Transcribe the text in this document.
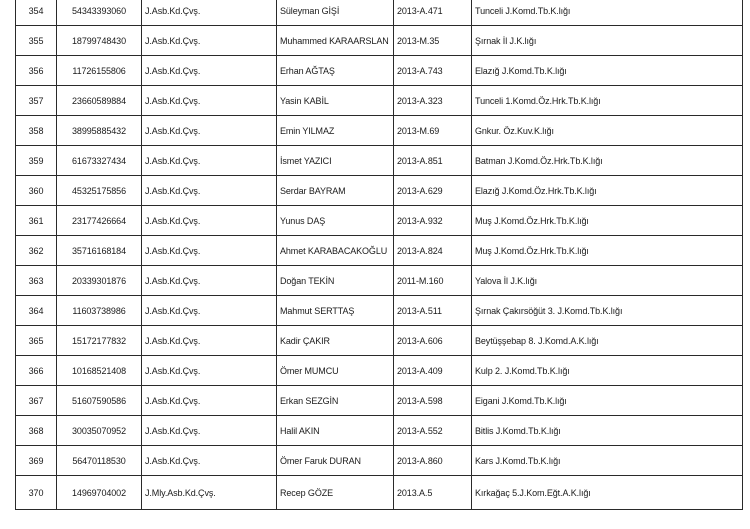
354	54343393060	J.Asb.Kd.Çvş.	Süleyman GİŞİ	2013-A.471	Tunceli J.Komd.Tb.K.lığı
355	18799748430	J.Asb.Kd.Çvş.	Muhammed KARAARSLAN	2013-M.35	Şırnak İl J.K.lığı
356	11726155806	J.Asb.Kd.Çvş.	Erhan AĞTAŞ	2013-A.743	Elazığ J.Komd.Tb.K.lığı
357	23660589884	J.Asb.Kd.Çvş.	Yasin KABİL	2013-A.323	Tunceli 1.Komd.Öz.Hrk.Tb.K.lığı
358	38995885432	J.Asb.Kd.Çvş.	Emin YILMAZ	2013-M.69	Gnkur. Öz.Kuv.K.lığı
359	61673327434	J.Asb.Kd.Çvş.	İsmet YAZICI	2013-A.851	Batman J.Komd.Öz.Hrk.Tb.K.lığı
360	45325175856	J.Asb.Kd.Çvş.	Serdar BAYRAM	2013-A.629	Elazığ J.Komd.Öz.Hrk.Tb.K.lığı
361	23177426664	J.Asb.Kd.Çvş.	Yunus DAŞ	2013-A.932	Muş J.Komd.Öz.Hrk.Tb.K.lığı
362	35716168184	J.Asb.Kd.Çvş.	Ahmet KARABACAKOĞLU	2013-A.824	Muş J.Komd.Öz.Hrk.Tb.K.lığı
363	20339301876	J.Asb.Kd.Çvş.	Doğan TEKİN	2011-M.160	Yalova İl J.K.lığı
364	11603738986	J.Asb.Kd.Çvş.	Mahmut SERTTAŞ	2013-A.511	Şırnak Çakırsöğüt 3. J.Komd.Tb.K.lığı
365	15172177832	J.Asb.Kd.Çvş.	Kadir ÇAKIR	2013-A.606	Beytüşşebap 8. J.Komd.A.K.lığı
366	10168521408	J.Asb.Kd.Çvş.	Ömer MUMCU	2013-A.409	Kulp 2. J.Komd.Tb.K.lığı
367	51607590586	J.Asb.Kd.Çvş.	Erkan SEZGİN	2013-A.598	Eigani J.Komd.Tb.K.lığı
368	30035070952	J.Asb.Kd.Çvş.	Halil AKIN	2013-A.552	Bitlis J.Komd.Tb.K.lığı
369	56470118530	J.Asb.Kd.Çvş.	Ömer Faruk DURAN	2013-A.860	Kars J.Komd.Tb.K.lığı
370	14969704002	J.Mly.Asb.Kd.Çvş.	Recep GÖZE	2013.A.5	Kırkağaç 5.J.Kom.Eğt.A.K.lığı
